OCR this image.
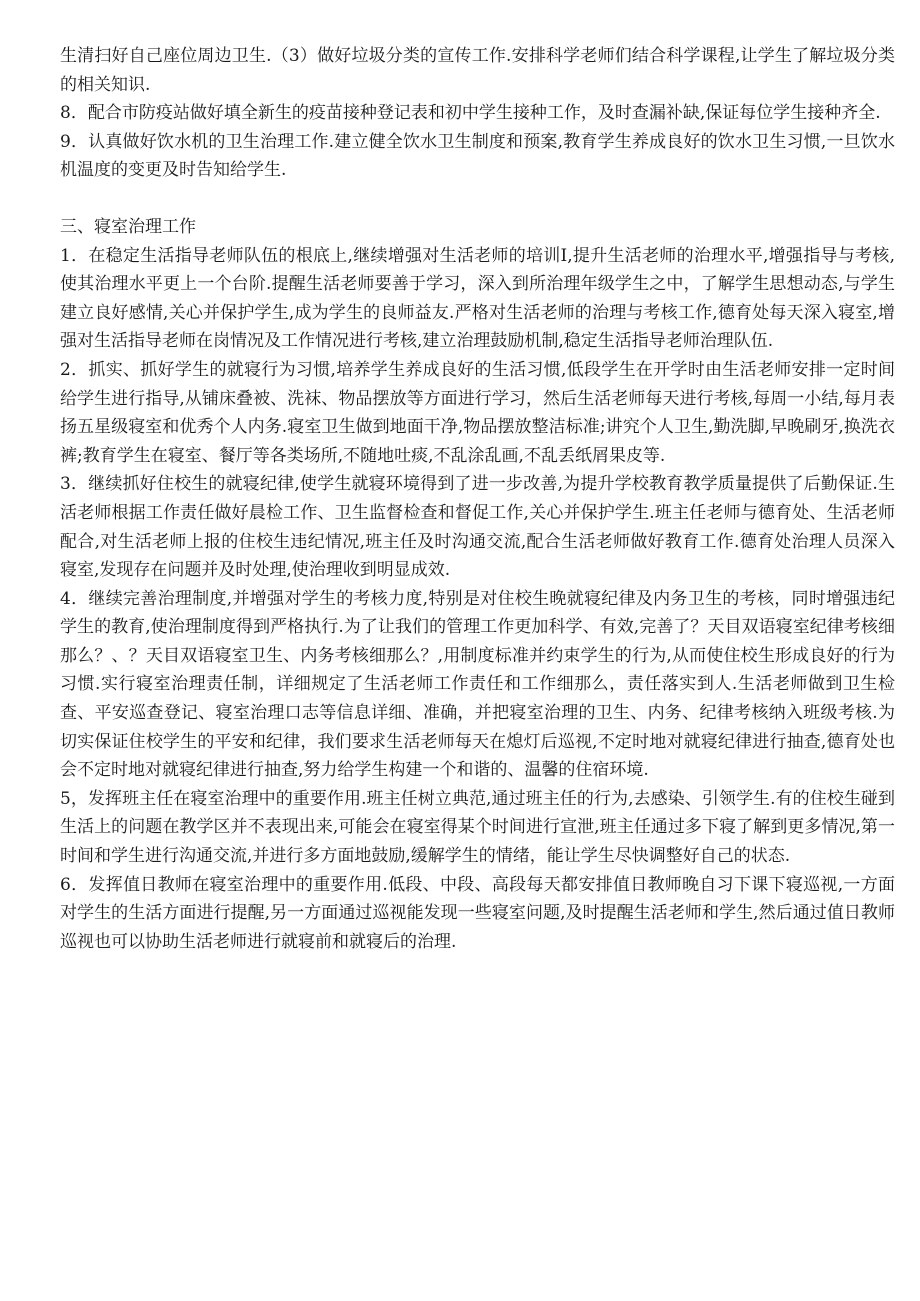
生清扫好自己座位周边卫生.（3）做好垃圾分类的宣传工作.安排科学老师们结合科学课程,让学生了解垃圾分类的相关知识.

8．配合市防疫站做好填全新生的疫苗接种登记表和初中学生接种工作，及时查漏补缺,保证每位学生接种齐全.

9．认真做好饮水机的卫生治理工作.建立健全饮水卫生制度和预案,教育学生养成良好的饮水卫生习惯,一旦饮水机温度的变更及时告知给学生.

三、寝室治理工作

1．在稳定生活指导老师队伍的根底上,继续增强对生活老师的培训I,提升生活老师的治理水平,增强指导与考核,使其治理水平更上一个台阶.提醒生活老师要善于学习，深入到所治理年级学生之中，了解学生思想动态,与学生建立良好感情,关心并保护学生,成为学生的良师益友.严格对生活老师的治理与考核工作,德育处每天深入寝室,增强对生活指导老师在岗情况及工作情况进行考核,建立治理鼓励机制,稳定生活指导老师治理队伍.

2．抓实、抓好学生的就寝行为习惯,培养学生养成良好的生活习惯,低段学生在开学时由生活老师安排一定时间给学生进行指导,从铺床叠被、洗袜、物品摆放等方面进行学习，然后生活老师每天进行考核,每周一小结,每月表扬五星级寝室和优秀个人内务.寝室卫生做到地面干净,物品摆放整洁标准;讲究个人卫生,勤洗脚,早晚刷牙,换洗衣裤;教育学生在寝室、餐厅等各类场所,不随地吐痰,不乱涂乱画,不乱丢纸屑果皮等.

3．继续抓好住校生的就寝纪律,使学生就寝环境得到了进一步改善,为提升学校教育教学质量提供了后勤保证.生活老师根据工作责任做好晨检工作、卫生监督检查和督促工作,关心并保护学生.班主任老师与德育处、生活老师配合,对生活老师上报的住校生违纪情况,班主任及时沟通交流,配合生活老师做好教育工作.德育处治理人员深入寝室,发现存在问题并及时处理,使治理收到明显成效.

4．继续完善治理制度,并增强对学生的考核力度,特别是对住校生晚就寝纪律及内务卫生的考核，同时增强违纪学生的教育,使治理制度得到严格执行.为了让我们的管理工作更加科学、有效,完善了？天目双语寝室纪律考核细那么？、？天目双语寝室卫生、内务考核细那么？,用制度标准并约束学生的行为,从而使住校生形成良好的行为习惯.实行寝室治理责任制，详细规定了生活老师工作责任和工作细那么，责任落实到人.生活老师做到卫生检查、平安巡查登记、寝室治理口志等信息详细、准确，并把寝室治理的卫生、内务、纪律考核纳入班级考核.为切实保证住校学生的平安和纪律，我们要求生活老师每天在熄灯后巡视,不定时地对就寝纪律进行抽查,德育处也会不定时地对就寝纪律进行抽查,努力给学生构建一个和谐的、温馨的住宿环境.

5，发挥班主任在寝室治理中的重要作用.班主任树立典范,通过班主任的行为,去感染、引领学生.有的住校生碰到生活上的问题在教学区并不表现出来,可能会在寝室得某个时间进行宣泄,班主任通过多下寝了解到更多情况,第一时间和学生进行沟通交流,并进行多方面地鼓励,缓解学生的情绪，能让学生尽快调整好自己的状态.

6．发挥值日教师在寝室治理中的重要作用.低段、中段、高段每天都安排值日教师晚自习下课下寝巡视,一方面对学生的生活方面进行提醒,另一方面通过巡视能发现一些寝室问题,及时提醒生活老师和学生,然后通过值日教师巡视也可以协助生活老师进行就寝前和就寝后的治理.
